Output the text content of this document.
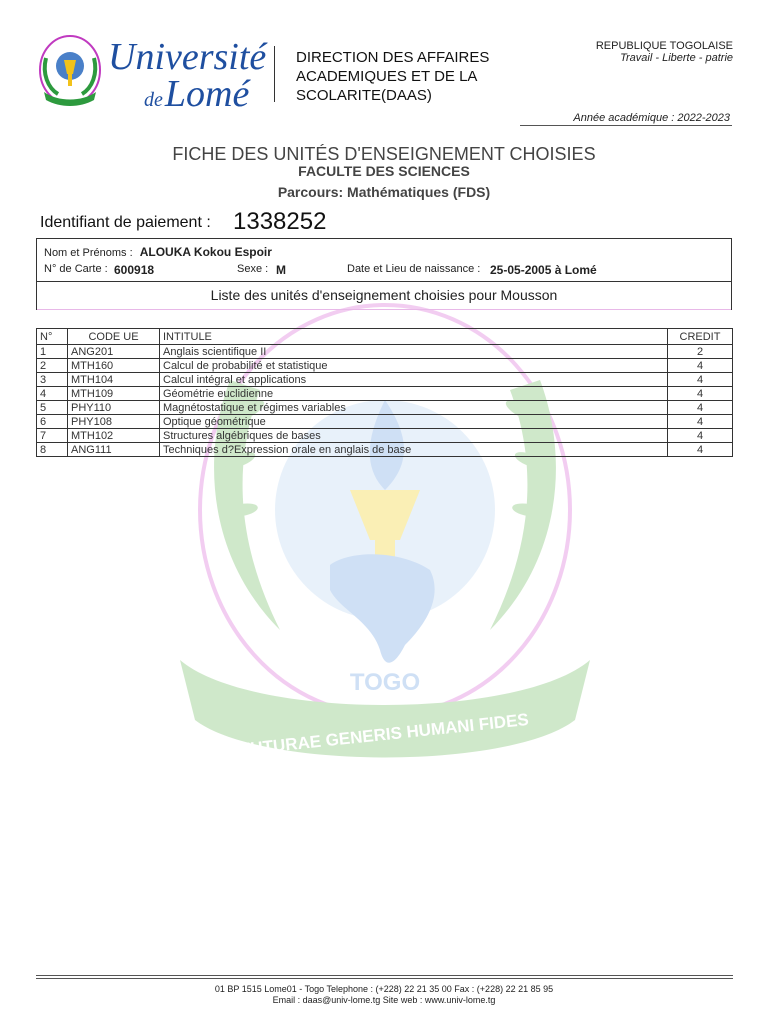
TOGO
FUTURAE GENERIS HUMANI FIDES
Université
deLomé
DIRECTION DES AFFAIRES ACADEMIQUES ET DE LA SCOLARITE(DAAS)
REPUBLIQUE TOGOLAISE
Travail - Liberte - patrie
Année académique : 2022-2023
FICHE DES UNITÉS D'ENSEIGNEMENT CHOISIES
FACULTE DES SCIENCES
Parcours: Mathématiques (FDS)
Identifiant de paiement : 1338252
Nom et Prénoms : ALOUKA Kokou Espoir
N° de Carte : 600918	Sexe : M	Date et Lieu de naissance : 25-05-2005 à Lomé
Liste des unités d'enseignement choisies pour Mousson
N°	CODE UE	INTITULE	CREDIT
1	ANG201	Anglais scientifique II	2
2	MTH160	Calcul de probabilité et statistique	4
3	MTH104	Calcul intégral et applications	4
4	MTH109	Géométrie euclidienne	4
5	PHY110	Magnétostatique et régimes variables	4
6	PHY108	Optique géométrique	4
7	MTH102	Structures algébriques de bases	4
8	ANG111	Techniques d?Expression orale en anglais de base	4
01 BP 1515 Lome01 - Togo Telephone : (+228) 22 21 35 00 Fax : (+228) 22 21 85 95
Email : daas@univ-lome.tg Site web : www.univ-lome.tg
